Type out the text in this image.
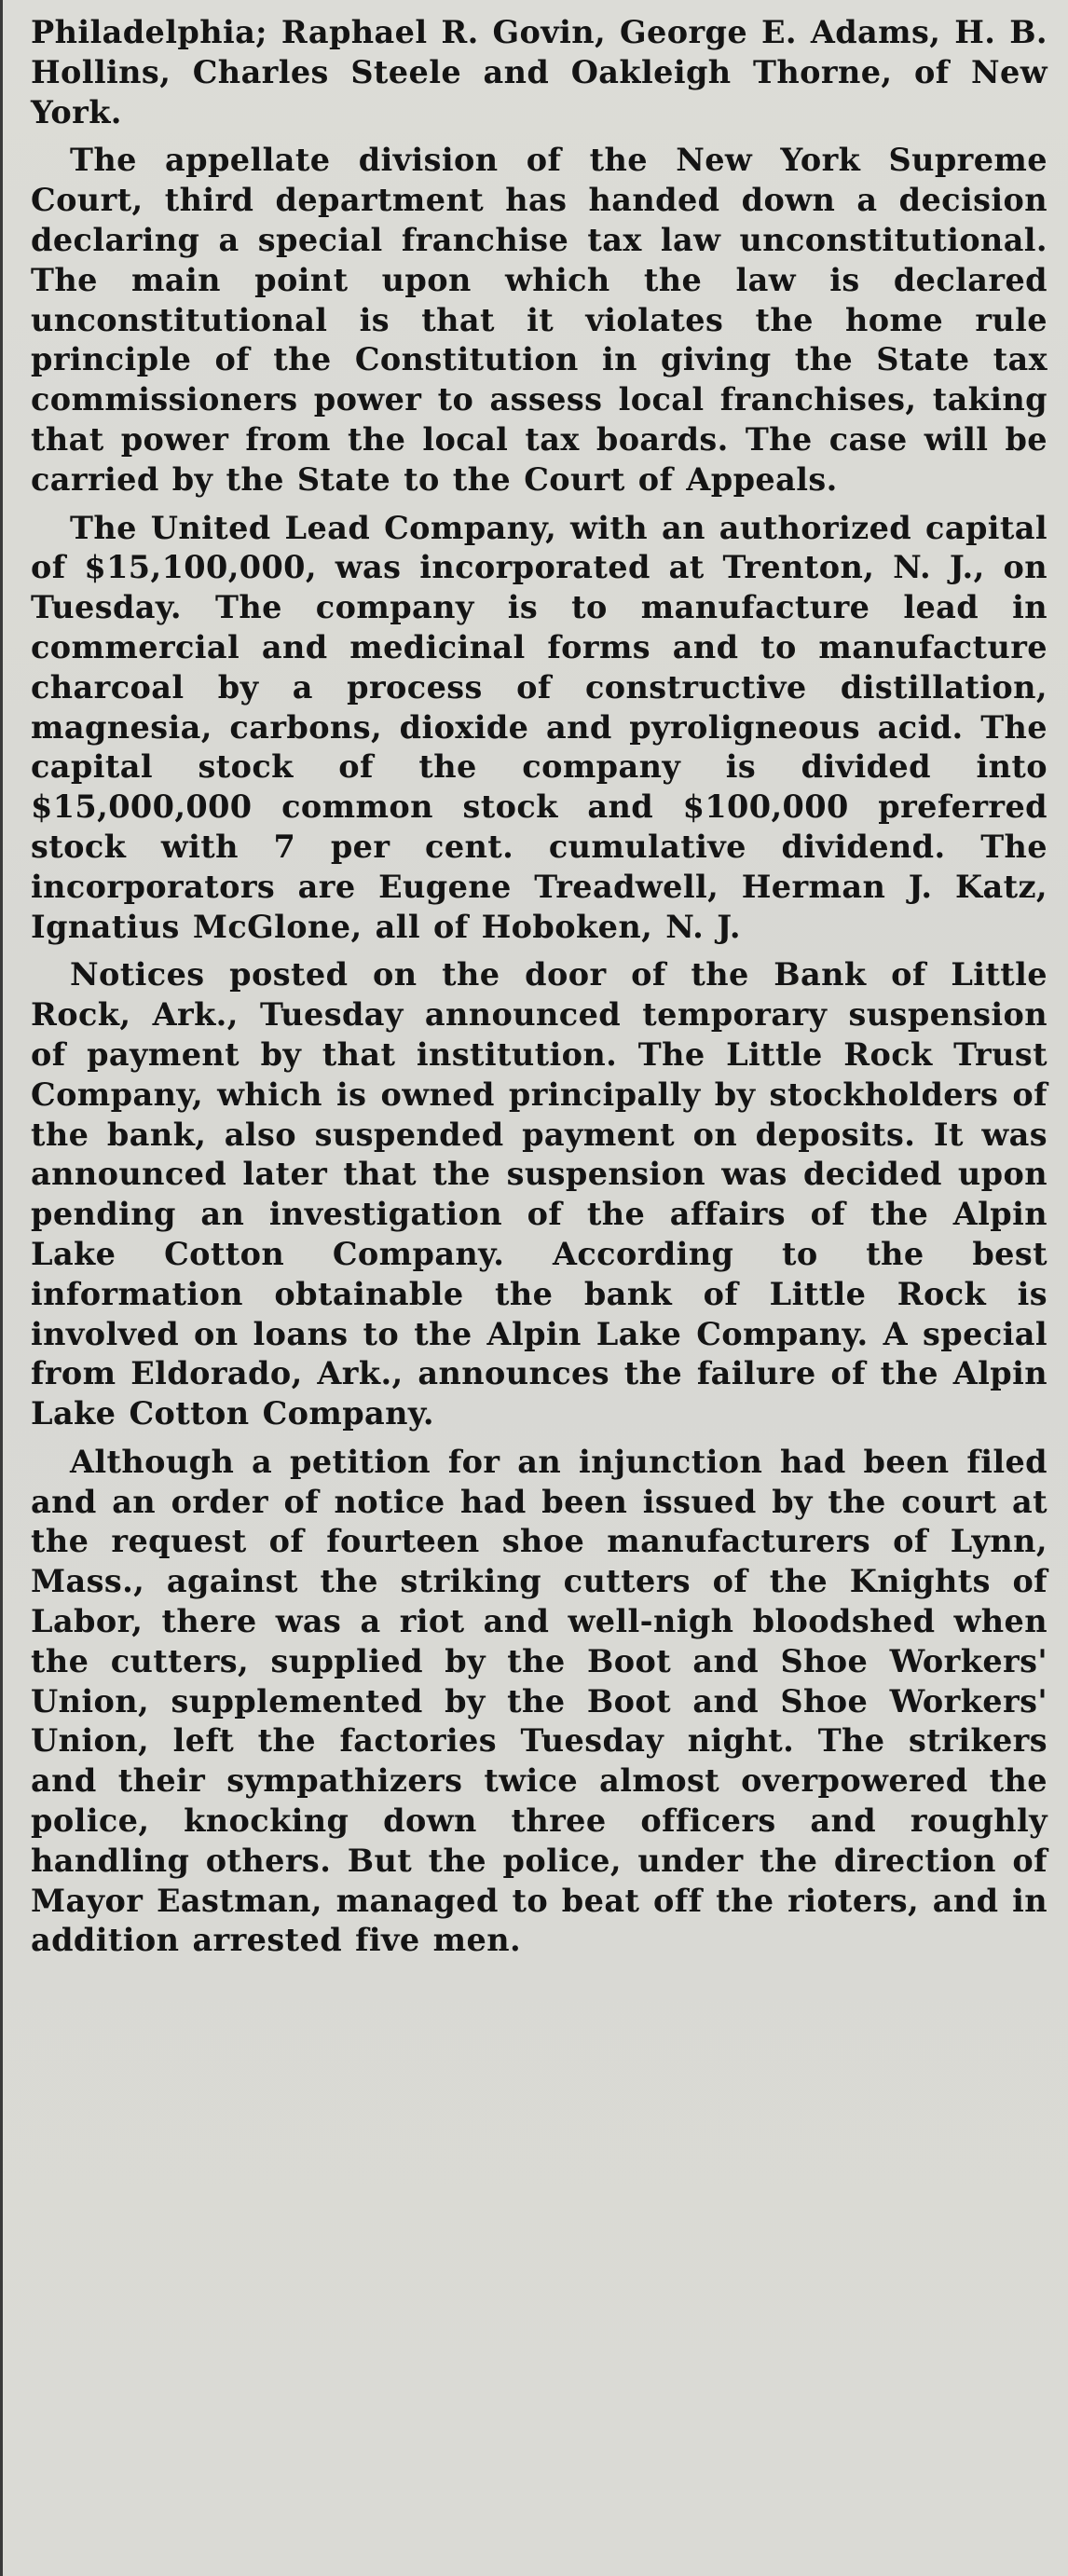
Philadelphia; Raphael R. Govin, George E. Adams, H. B. Hollins, Charles Steele and Oakleigh Thorne, of New York.

The appellate division of the New York Supreme Court, third department has handed down a decision declaring a special franchise tax law unconstitutional. The main point upon which the law is declared unconstitutional is that it violates the home rule principle of the Constitution in giving the State tax commissioners power to assess local franchises, taking that power from the local tax boards. The case will be carried by the State to the Court of Appeals.

The United Lead Company, with an authorized capital of $15,100,000, was incorporated at Trenton, N. J., on Tuesday. The company is to manufacture lead in commercial and medicinal forms and to manufacture charcoal by a process of constructive distillation, magnesia, carbons, dioxide and pyroligneous acid. The capital stock of the company is divided into $15,000,000 common stock and $100,000 preferred stock with 7 per cent. cumulative dividend. The incorporators are Eugene Treadwell, Herman J. Katz, Ignatius McGlone, all of Hoboken, N. J.

Notices posted on the door of the Bank of Little Rock, Ark., Tuesday announced temporary suspension of payment by that institution. The Little Rock Trust Company, which is owned principally by stockholders of the bank, also suspended payment on deposits. It was announced later that the suspension was decided upon pending an investigation of the affairs of the Alpin Lake Cotton Company. According to the best information obtainable the bank of Little Rock is involved on loans to the Alpin Lake Company. A special from Eldorado, Ark., announces the failure of the Alpin Lake Cotton Company.

Although a petition for an injunction had been filed and an order of notice had been issued by the court at the request of fourteen shoe manufacturers of Lynn, Mass., against the striking cutters of the Knights of Labor, there was a riot and well-nigh bloodshed when the cutters, supplied by the Boot and Shoe Workers' Union, supplemented by the Boot and Shoe Workers' Union, left the factories Tuesday night. The strikers and their sympathizers twice almost overpowered the police, knocking down three officers and roughly handling others. But the police, under the direction of Mayor Eastman, managed to beat off the rioters, and in addition arrested five men.
